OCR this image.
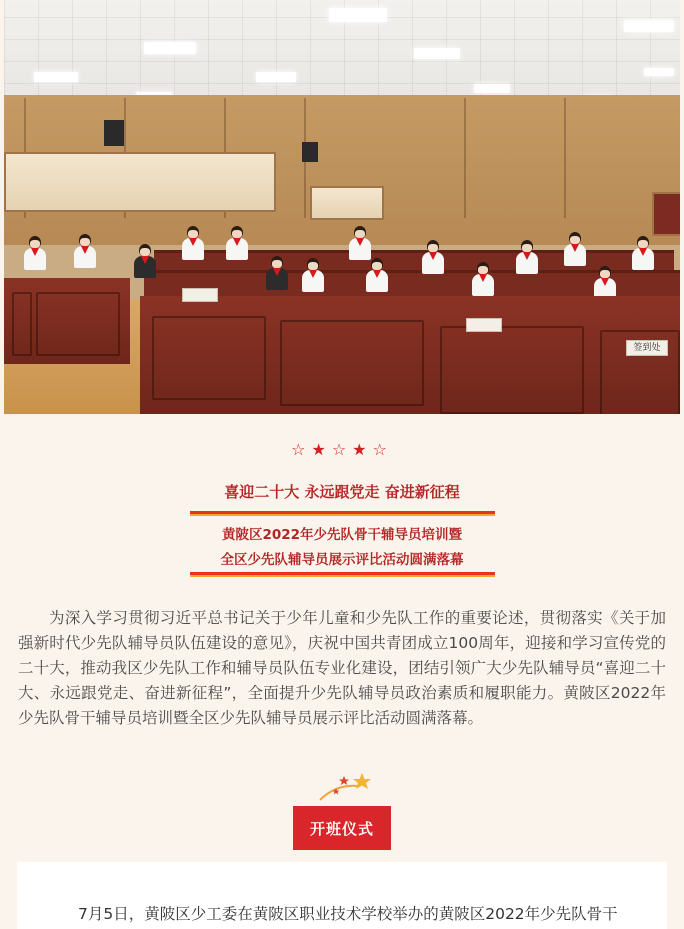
签到处
☆★☆★☆
喜迎二十大 永远跟党走 奋进新征程
黄陂区2022年少先队骨干辅导员培训暨
全区少先队辅导员展示评比活动圆满落幕

为深入学习贯彻习近平总书记关于少年儿童和少先队工作的重要论述，贯彻落实《关于加强新时代少先队辅导员队伍建设的意见》，庆祝中国共青团成立100周年，迎接和学习宣传党的二十大，推动我区少先队工作和辅导员队伍专业化建设，团结引领广大少先队辅导员“喜迎二十大、永远跟党走、奋进新征程”，全面提升少先队辅导员政治素质和履职能力。黄陂区2022年少先队骨干辅导员培训暨全区少先队辅导员展示评比活动圆满落幕。

开班仪式

7月5日，黄陂区少工委在黄陂区职业技术学校举办的黄陂区2022年少先队骨干
